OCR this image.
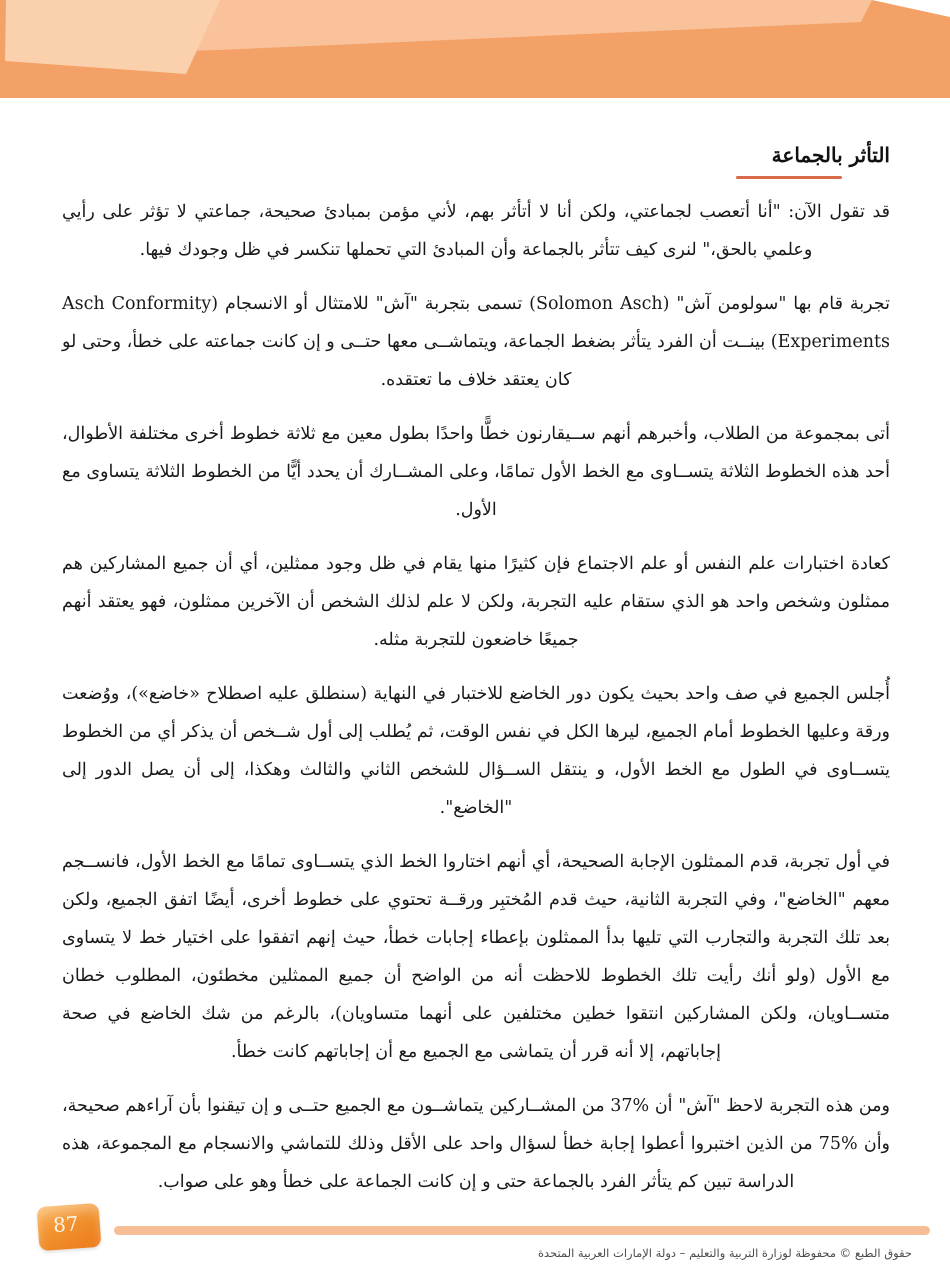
التأثر بالجماعة

قد تقول الآن: "أنا أتعصب لجماعتي، ولكن أنا لا أتأثر بهم، لأني مؤمن بمبادئ صحيحة، جماعتي لا تؤثر على رأيي وعلمي بالحق،" لنرى كيف تتأثر بالجماعة وأن المبادئ التي تحملها تنكسر في ظل وجودك فيها.

تجربة قام بها "سولومن آش" (Solomon Asch) تسمى بتجربة "آش" للامتثال أو الانسجام (Asch Conformity Experiments) بينــت أن الفرد يتأثر بضغط الجماعة، ويتماشــى معها حتــى و إن كانت جماعته على خطأ، وحتى لو كان يعتقد خلاف ما تعتقده.

أتى بمجموعة من الطلاب، وأخبرهم أنهم ســيقارنون خطًّا واحدًا بطول معين مع ثلاثة خطوط أخرى مختلفة الأطوال، أحد هذه الخطوط الثلاثة يتســاوى مع الخط الأول تمامًا، وعلى المشــارك أن يحدد أيًّا من الخطوط الثلاثة يتساوى مع الأول.

كعادة اختبارات علم النفس أو علم الاجتماع فإن كثيرًا منها يقام في ظل وجود ممثلين، أي أن جميع المشاركين هم ممثلون وشخص واحد هو الذي ستقام عليه التجربة، ولكن لا علم لذلك الشخص أن الآخرين ممثلون، فهو يعتقد أنهم جميعًا خاضعون للتجربة مثله.

أُجلس الجميع في صف واحد بحيث يكون دور الخاضع للاختبار في النهاية (سنطلق عليه اصطلاح «خاضع»)، ووُضعت ورقة وعليها الخطوط أمام الجميع، ليرها الكل في نفس الوقت، ثم يُطلب إلى أول شــخص أن يذكر أي من الخطوط يتســاوى في الطول مع الخط الأول، و ينتقل الســؤال للشخص الثاني والثالث وهكذا، إلى أن يصل الدور إلى "الخاضع".

في أول تجربة، قدم الممثلون الإجابة الصحيحة، أي أنهم اختاروا الخط الذي يتســاوى تمامًا مع الخط الأول، فانســجم معهم "الخاضع"، وفي التجربة الثانية، حيث قدم المُختبِر ورقــة تحتوي على خطوط أخرى، أيضًا اتفق الجميع، ولكن بعد تلك التجربة والتجارب التي تليها بدأ الممثلون بإعطاء إجابات خطأ، حيث إنهم اتفقوا على اختيار خط لا يتساوى مع الأول (ولو أنك رأيت تلك الخطوط للاحظت أنه من الواضح أن جميع الممثلين مخطئون، المطلوب خطان متســاويان، ولكن المشاركين انتقوا خطين مختلفين على أنهما متساويان)، بالرغم من شك الخاضع في صحة إجاباتهم، إلا أنه قرر أن يتماشى مع الجميع مع أن إجاباتهم كانت خطأ.

ومن هذه التجربة لاحظ "آش" أن %37 من المشــاركين يتماشــون مع الجميع حتــى و إن تيقنوا بأن آراءهم صحيحة، وأن %75 من الذين اختبروا أعطوا إجابة خطأ لسؤال واحد على الأقل وذلك للتماشي والانسجام مع المجموعة، هذه الدراسة تبين كم يتأثر الفرد بالجماعة حتى و إن كانت الجماعة على خطأ وهو على صواب.

87
حقوق الطبع © محفوظة لوزارة التربية والتعليم – دولة الإمارات العربية المتحدة
